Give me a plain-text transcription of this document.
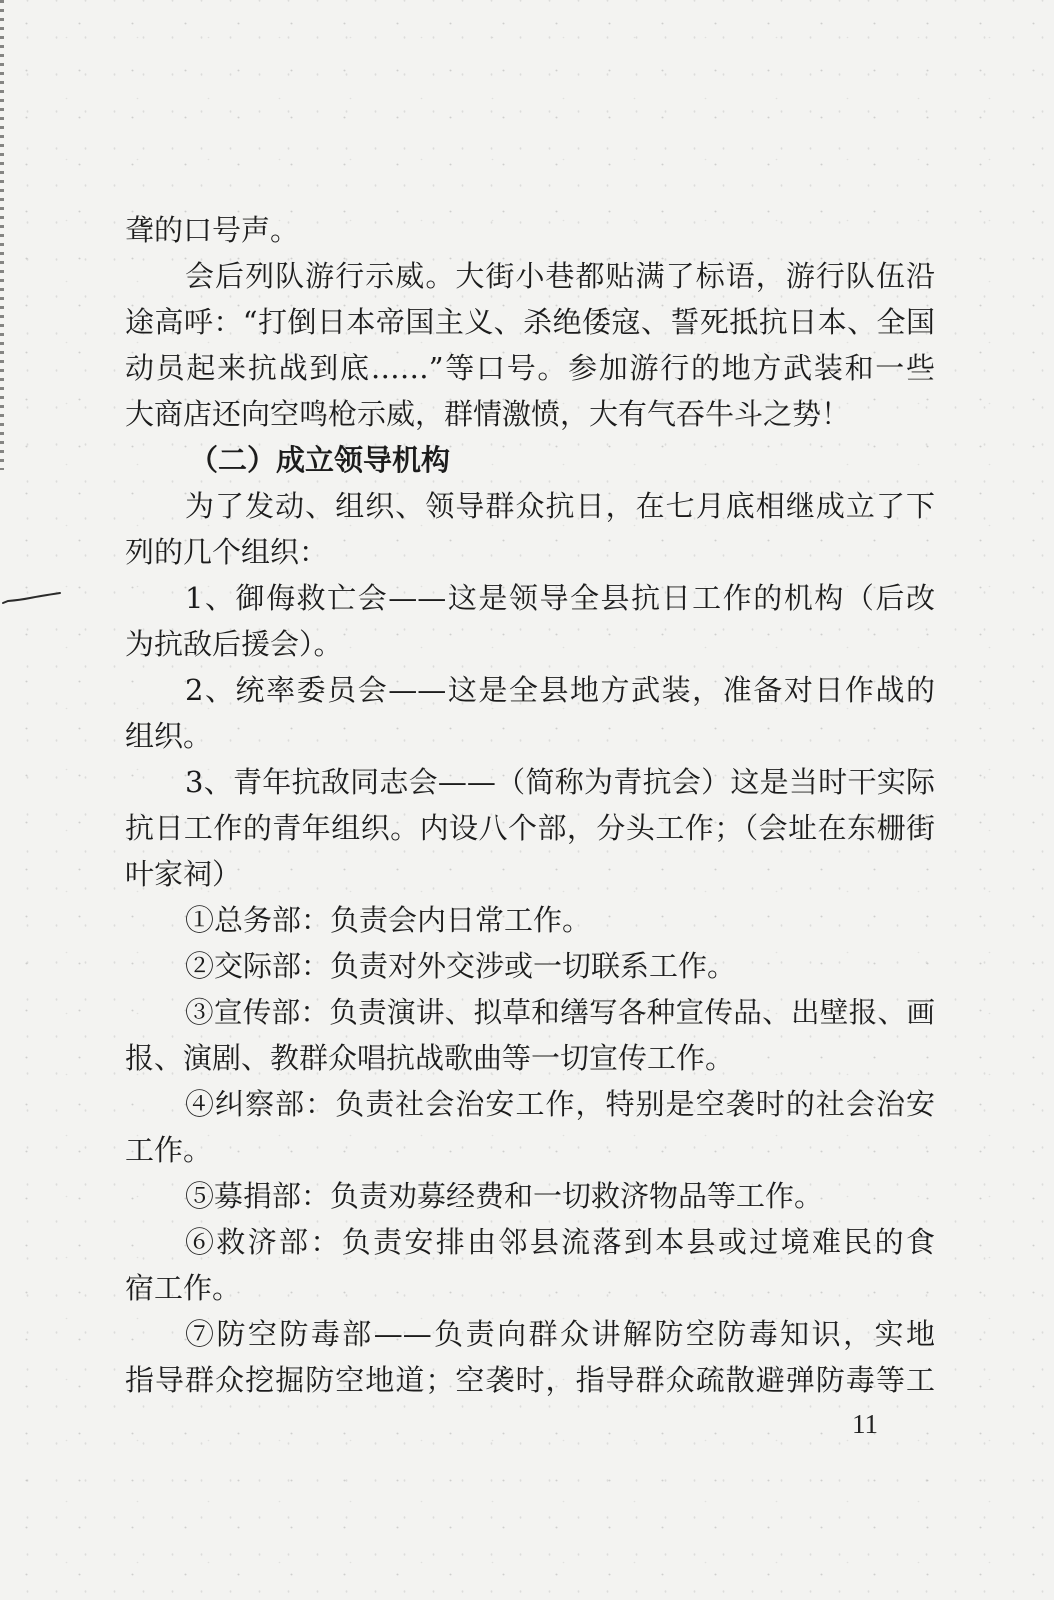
聋的口号声。
会后列队游行示威。大街小巷都贴满了标语，游行队伍沿
途高呼：“打倒日本帝国主义、杀绝倭寇、誓死抵抗日本、全国
动员起来抗战到底……”等口号。参加游行的地方武装和一些
大商店还向空鸣枪示威，群情激愤，大有气吞牛斗之势！
（二）成立领导机构
为了发动、组织、领导群众抗日，在七月底相继成立了下
列的几个组织：
1、御侮救亡会——这是领导全县抗日工作的机构（后改
为抗敌后援会）。
2、统率委员会——这是全县地方武装，准备对日作战的
组织。
3、青年抗敌同志会——（简称为青抗会）这是当时干实际
抗日工作的青年组织。内设八个部，分头工作；（会址在东栅街
叶家祠）
①总务部：负责会内日常工作。
②交际部：负责对外交涉或一切联系工作。
③宣传部：负责演讲、拟草和缮写各种宣传品、出壁报、画
报、演剧、教群众唱抗战歌曲等一切宣传工作。
④纠察部：负责社会治安工作，特别是空袭时的社会治安
工作。
⑤募捐部：负责劝募经费和一切救济物品等工作。
⑥救济部：负责安排由邻县流落到本县或过境难民的食
宿工作。
⑦防空防毒部——负责向群众讲解防空防毒知识，实地
指导群众挖掘防空地道；空袭时，指导群众疏散避弹防毒等工
11
